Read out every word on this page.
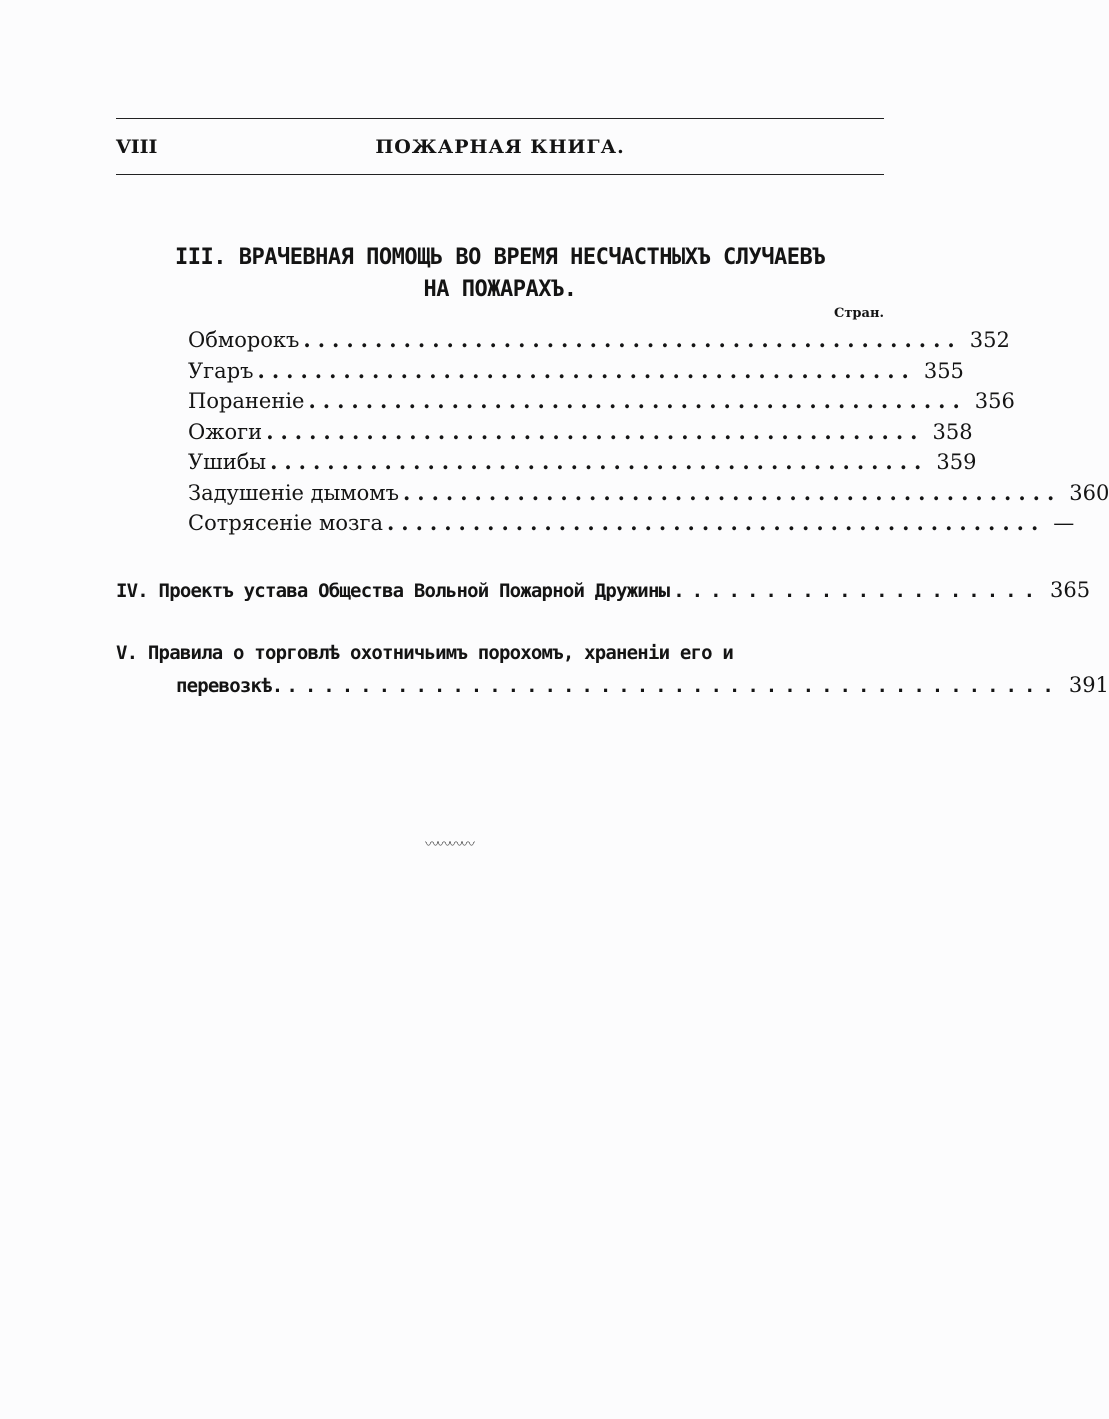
VIII	ПОЖАРНАЯ КНИГА.
III. ВРАЧЕВНАЯ ПОМОЩЬ ВО ВРЕМЯ НЕСЧАСТНЫХЪ СЛУЧАЕВЪ
НА ПОЖАРАХЪ.
Стран.
Обморокъ .............................................. 352
Угаръ .............................................. 355
Пораненіе .............................................. 356
Ожоги .............................................. 358
Ушибы .............................................. 359
Задушеніе дымомъ .............................................. 360
Сотрясеніе мозга .............................................. —
IV. Проектъ устава Общества Вольной Пожарной Дружины .................... 365
V. Правила о торговлѣ охотничьимъ порохомъ, храненіи его и
перевозкѣ. .......................................... 391
〰〰〰〰
